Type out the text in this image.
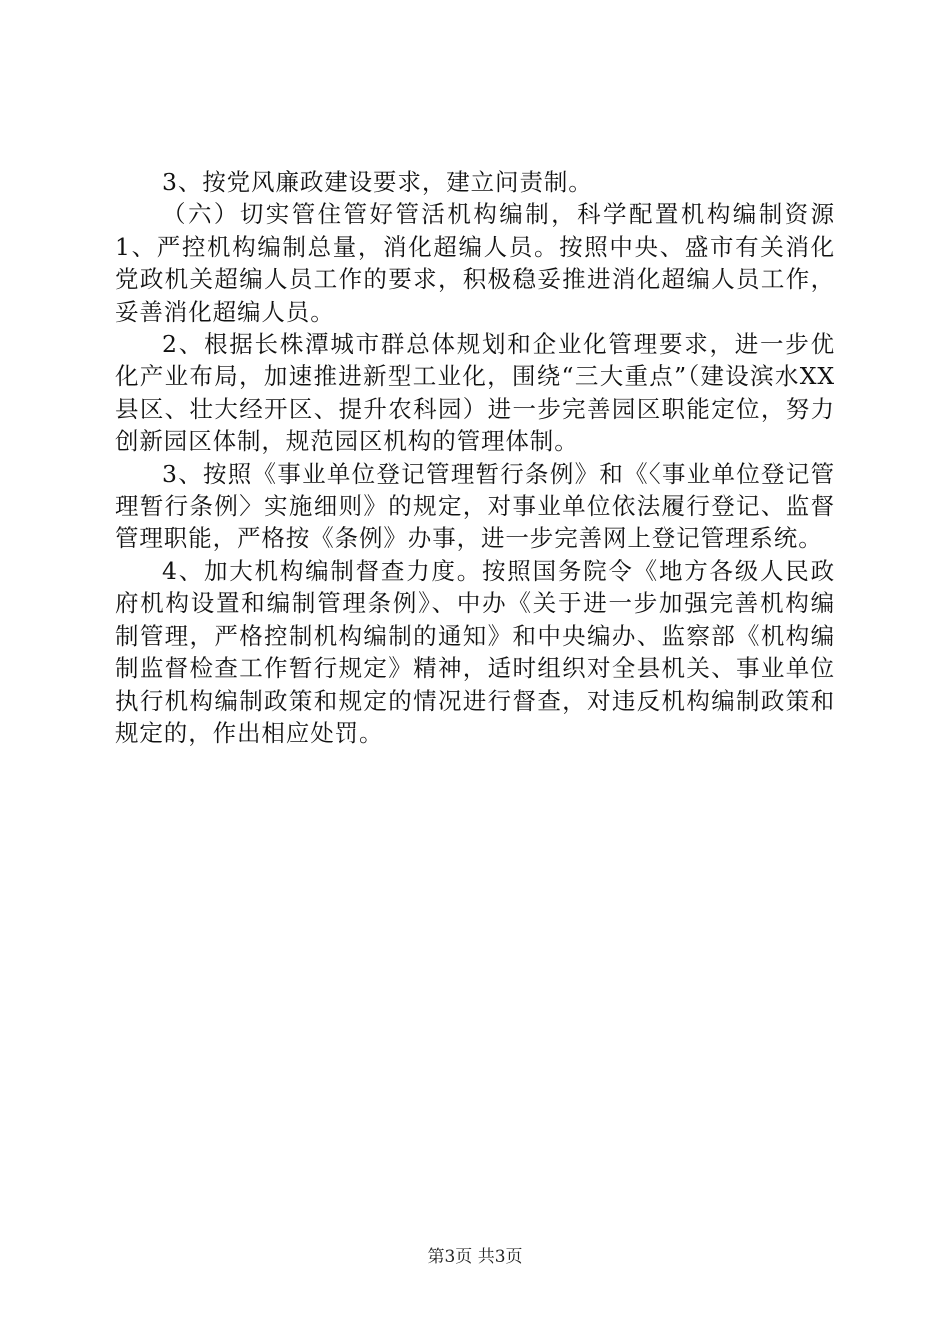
3、按党风廉政建设要求，建立问责制。

（六）切实管住管好管活机构编制，科学配置机构编制资源1、严控机构编制总量，消化超编人员。按照中央、盛市有关消化党政机关超编人员工作的要求，积极稳妥推进消化超编人员工作，妥善消化超编人员。

2、根据长株潭城市群总体规划和企业化管理要求，进一步优化产业布局，加速推进新型工业化，围绕“三大重点”（建设滨水XX县区、壮大经开区、提升农科园）进一步完善园区职能定位，努力创新园区体制，规范园区机构的管理体制。

3、按照《事业单位登记管理暂行条例》和《〈事业单位登记管理暂行条例〉实施细则》的规定，对事业单位依法履行登记、监督管理职能，严格按《条例》办事，进一步完善网上登记管理系统。

4、加大机构编制督查力度。按照国务院令《地方各级人民政府机构设置和编制管理条例》、中办《关于进一步加强完善机构编制管理，严格控制机构编制的通知》和中央编办、监察部《机构编制监督检查工作暂行规定》精神，适时组织对全县机关、事业单位执行机构编制政策和规定的情况进行督查，对违反机构编制政策和规定的，作出相应处罚。

第3页 共3页
